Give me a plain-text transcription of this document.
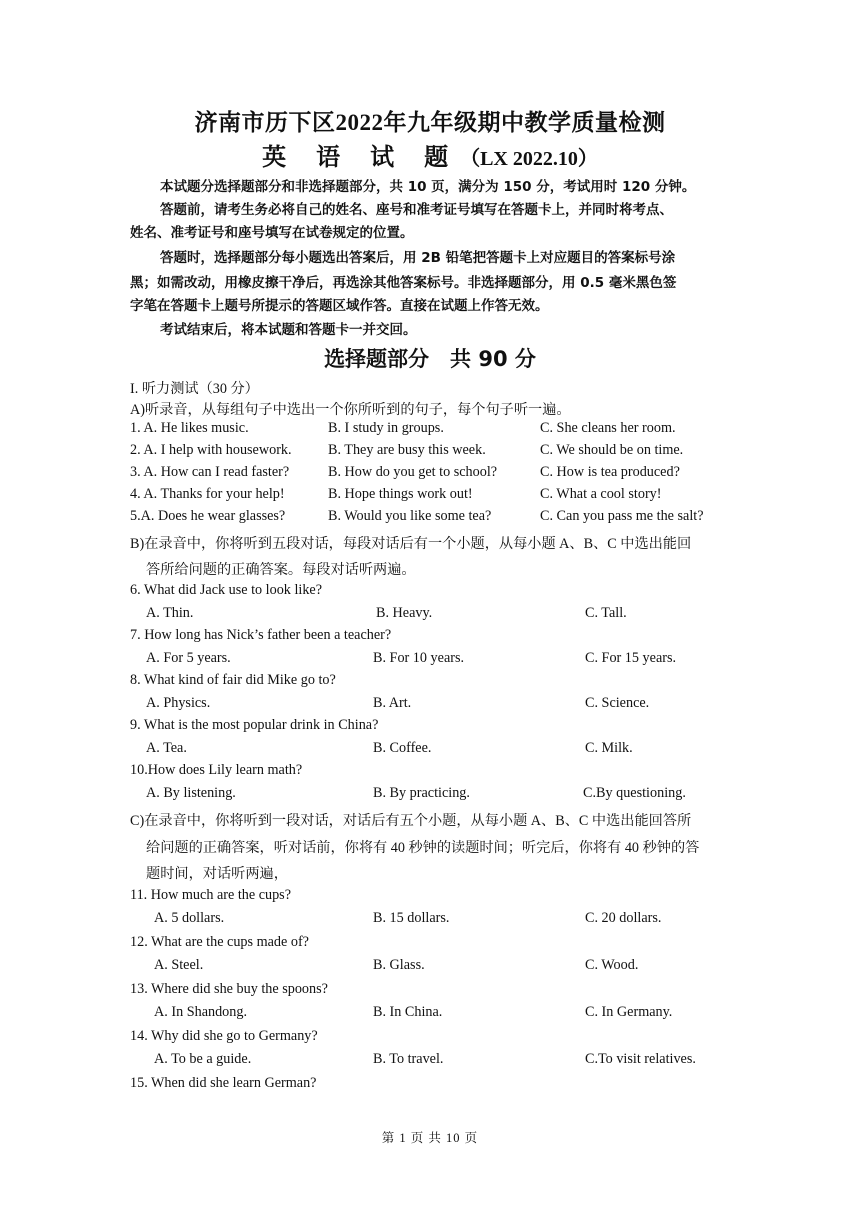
济南市历下区2022年九年级期中教学质量检测
英 语 试 题（LX 2022.10）
本试题分选择题部分和非选择题部分，共 10 页，满分为 150 分，考试用时 120 分钟。
答题前，请考生务必将自己的姓名、座号和准考证号填写在答题卡上，并同时将考点、
姓名、准考证号和座号填写在试卷规定的位置。
答题时，选择题部分每小题选出答案后，用 2B 铅笔把答题卡上对应题目的答案标号涂
黑；如需改动，用橡皮擦干净后，再选涂其他答案标号。非选择题部分，用 0.5 毫米黑色签
字笔在答题卡上题号所提示的答题区域作答。直接在试题上作答无效。
考试结束后，将本试题和答题卡一并交回。
选择题部分　共 90 分
I. 听力测试（30 分）
A)听录音，从每组句子中选出一个你所听到的句子，每个句子听一遍。
1. A. He likes music.	B. I study in groups.	C. She cleans her room.
2. A. I help with housework.	B. They are busy this week.	C. We should be on time.
3. A. How can I read faster?	B. How do you get to school?	C. How is tea produced?
4. A. Thanks for your help!	B. Hope things work out!	C. What a cool story!
5.A. Does he wear glasses?	B. Would you like some tea?	C. Can you pass me the salt?
B)在录音中，你将听到五段对话，每段对话后有一个小题，从每小题 A、B、C 中选出能回
答所给问题的正确答案。每段对话听两遍。
6. What did Jack use to look like?
A. Thin.	B. Heavy.	C. Tall.
7. How long has Nick’s father been a teacher?
A. For 5 years.	B. For 10 years.	C. For 15 years.
8. What kind of fair did Mike go to?
A. Physics.	B. Art.	C. Science.
9. What is the most popular drink in China?
A. Tea.	B. Coffee.	C. Milk.
10.How does Lily learn math?
A. By listening.	B. By practicing.	C.By questioning.
C)在录音中，你将听到一段对话，对话后有五个小题，从每小题 A、B、C 中选出能回答所
给问题的正确答案，听对话前，你将有 40 秒钟的读题时间；听完后，你将有 40 秒钟的答
题时间，对话听两遍，
11. How much are the cups?
A. 5 dollars.	B. 15 dollars.	C. 20 dollars.
12. What are the cups made of?
A. Steel.	B. Glass.	C. Wood.
13. Where did she buy the spoons?
A. In Shandong.	B. In China.	C. In Germany.
14. Why did she go to Germany?
A. To be a guide.	B. To travel.	C.To visit relatives.
15. When did she learn German?
第 1 页 共 10 页
